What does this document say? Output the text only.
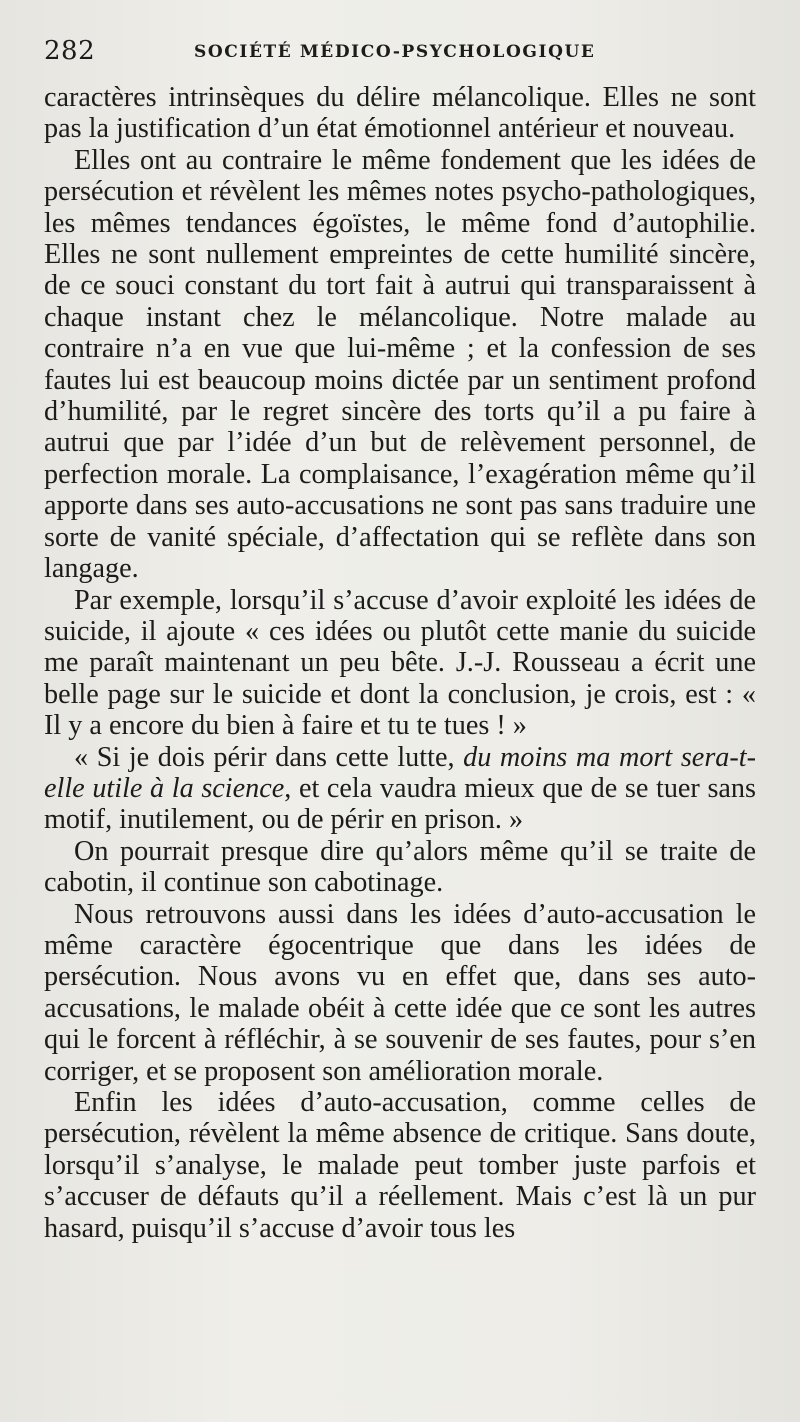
282	SOCIÉTÉ MÉDICO-PSYCHOLOGIQUE

caractères intrinsèques du délire mélancolique. Elles ne sont pas la justification d’un état émotionnel antérieur et nouveau.

Elles ont au contraire le même fondement que les idées de persécution et révèlent les mêmes notes psycho-pathologiques, les mêmes tendances égoïstes, le même fond d’autophilie. Elles ne sont nullement empreintes de cette humilité sincère, de ce souci constant du tort fait à autrui qui transparaissent à chaque instant chez le mélancolique. Notre malade au contraire n’a en vue que lui-même ; et la confession de ses fautes lui est beaucoup moins dictée par un sentiment profond d’humilité, par le regret sincère des torts qu’il a pu faire à autrui que par l’idée d’un but de relèvement personnel, de perfection morale. La complaisance, l’exagération même qu’il apporte dans ses auto-accusations ne sont pas sans traduire une sorte de vanité spéciale, d’affectation qui se reflète dans son langage.

Par exemple, lorsqu’il s’accuse d’avoir exploité les idées de suicide, il ajoute « ces idées ou plutôt cette manie du suicide me paraît maintenant un peu bête. J.-J. Rousseau a écrit une belle page sur le suicide et dont la conclusion, je crois, est : « Il y a encore du bien à faire et tu te tues ! »

« Si je dois périr dans cette lutte, du moins ma mort sera-t-elle utile à la science, et cela vaudra mieux que de se tuer sans motif, inutilement, ou de périr en prison. »

On pourrait presque dire qu’alors même qu’il se traite de cabotin, il continue son cabotinage.

Nous retrouvons aussi dans les idées d’auto-accusation le même caractère égocentrique que dans les idées de persécution. Nous avons vu en effet que, dans ses auto-accusations, le malade obéit à cette idée que ce sont les autres qui le forcent à réfléchir, à se souvenir de ses fautes, pour s’en corriger, et se proposent son amélioration morale.

Enfin les idées d’auto-accusation, comme celles de persécution, révèlent la même absence de critique. Sans doute, lorsqu’il s’analyse, le malade peut tomber juste parfois et s’accuser de défauts qu’il a réellement. Mais c’est là un pur hasard, puisqu’il s’accuse d’avoir tous les
